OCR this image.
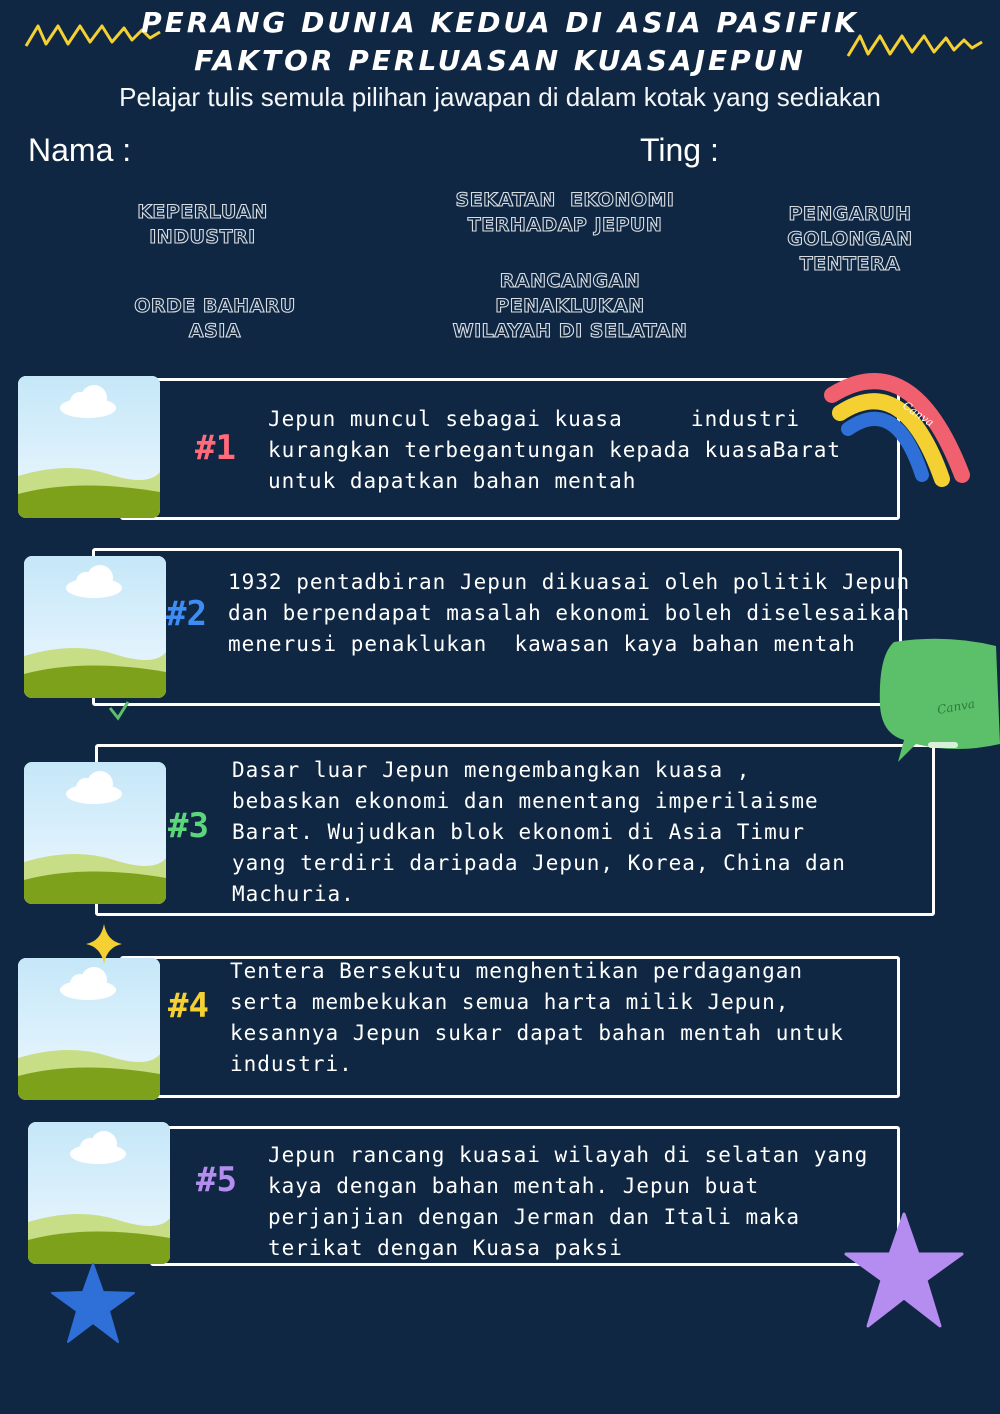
PERANG DUNIA KEDUA DI ASIA PASIFIK
FAKTOR PERLUASAN KUASAJEPUN
Pelajar tulis semula pilihan jawapan di dalam kotak yang sediakan
Nama :	Ting :
KEPERLUAN
INDUSTRI
SEKATAN  EKONOMI
TERHADAP JEPUN	PENGARUH
GOLONGAN
TENTERA
ORDE BAHARU
ASIA
RANCANGAN
PENAKLUKAN
WILAYAH DI SELATAN
#1
Jepun muncul sebagai kuasa     industri
kurangkan terbegantungan kepada kuasaBarat
untuk dapatkan bahan mentah
#2
1932 pentadbiran Jepun dikuasai oleh politik Jepun
dan berpendapat masalah ekonomi boleh diselesaikan
menerusi penaklukan  kawasan kaya bahan mentah
#3
Dasar luar Jepun mengembangkan kuasa ,
bebaskan ekonomi dan menentang imperilaisme
Barat. Wujudkan blok ekonomi di Asia Timur
yang terdiri daripada Jepun, Korea, China dan
Machuria.
#4
Tentera Bersekutu menghentikan perdagangan
serta membekukan semua harta milik Jepun,
kesannya Jepun sukar dapat bahan mentah untuk
industri.
#5
Jepun rancang kuasai wilayah di selatan yang
kaya dengan bahan mentah. Jepun buat
perjanjian dengan Jerman dan Itali maka
terikat dengan Kuasa paksi
Canva
Canva
